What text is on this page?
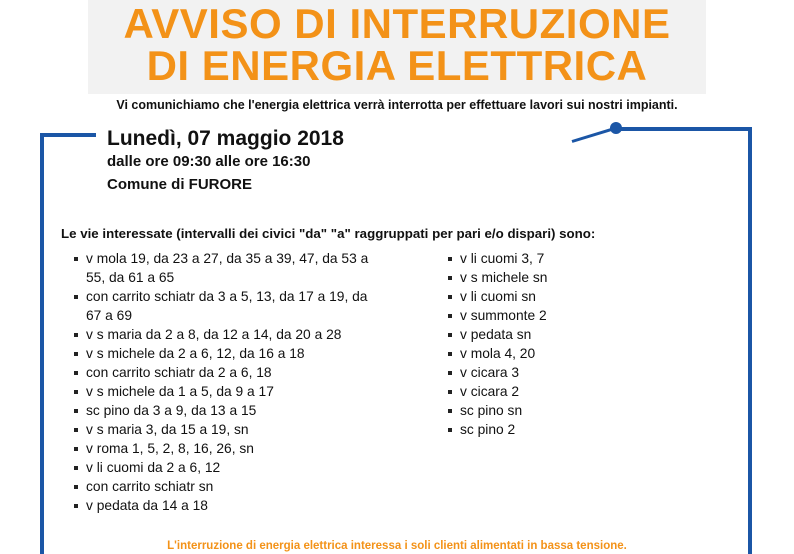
AVVISO DI INTERRUZIONE
DI ENERGIA ELETTRICA
Vi comunichiamo che l'energia elettrica verrà interrotta per effettuare lavori sui nostri impianti.
Lunedì, 07 maggio 2018
dalle ore 09:30 alle ore 16:30
Comune di FURORE
Le vie interessate (intervalli dei civici "da" "a" raggruppati per pari e/o dispari) sono:
v mola 19, da 23 a 27, da 35 a 39, 47, da 53 a 55, da 61 a 65
con carrito schiatr da 3 a 5, 13, da 17 a 19, da 67 a 69
v s maria da 2 a 8, da 12 a 14, da 20 a 28
v s michele da 2 a 6, 12, da 16 a 18
con carrito schiatr da 2 a 6, 18
v s michele da 1 a 5, da 9 a 17
sc pino da 3 a 9, da 13 a 15
v s maria 3, da 15 a 19, sn
v roma 1, 5, 2, 8, 16, 26, sn
v li cuomi da 2 a 6, 12
con carrito schiatr sn
v pedata da 14 a 18
v li cuomi 3, 7
v s michele sn
v li cuomi sn
v summonte 2
v pedata sn
v mola 4, 20
v cicara 3
v cicara 2
sc pino sn
sc pino 2
L'interruzione di energia elettrica interessa i soli clienti alimentati in bassa tensione.
